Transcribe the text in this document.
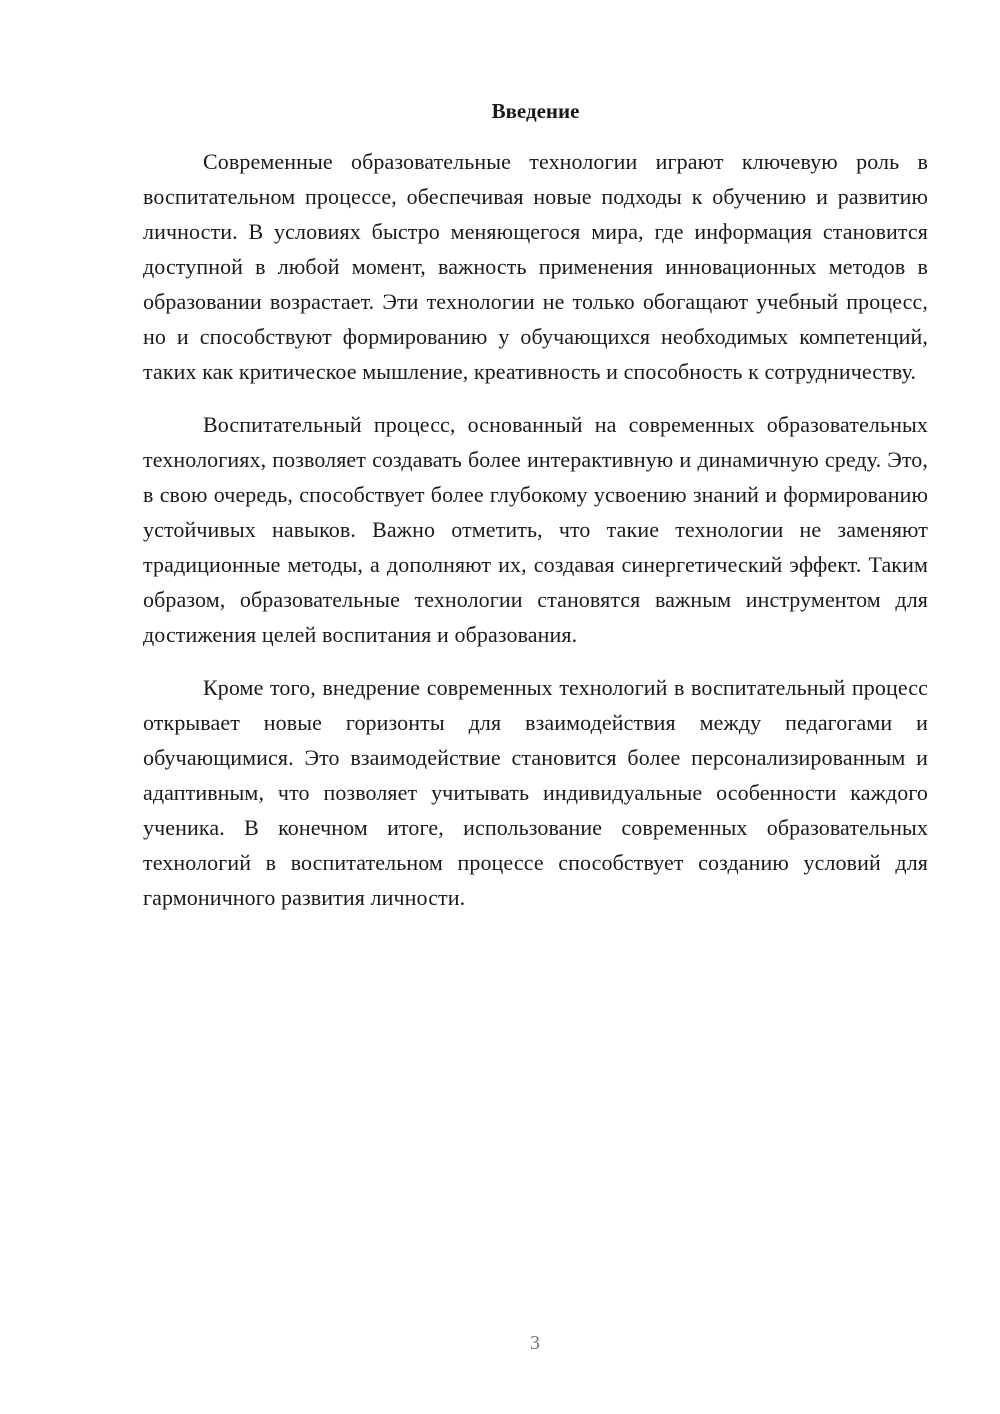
Введение

Современные образовательные технологии играют ключевую роль в воспитательном процессе, обеспечивая новые подходы к обучению и развитию личности. В условиях быстро меняющегося мира, где информация становится доступной в любой момент, важность применения инновационных методов в образовании возрастает. Эти технологии не только обогащают учебный процесс, но и способствуют формированию у обучающихся необходимых компетенций, таких как критическое мышление, креативность и способность к сотрудничеству.

Воспитательный процесс, основанный на современных образовательных технологиях, позволяет создавать более интерактивную и динамичную среду. Это, в свою очередь, способствует более глубокому усвоению знаний и формированию устойчивых навыков. Важно отметить, что такие технологии не заменяют традиционные методы, а дополняют их, создавая синергетический эффект. Таким образом, образовательные технологии становятся важным инструментом для достижения целей воспитания и образования.

Кроме того, внедрение современных технологий в воспитательный процесс открывает новые горизонты для взаимодействия между педагогами и обучающимися. Это взаимодействие становится более персонализированным и адаптивным, что позволяет учитывать индивидуальные особенности каждого ученика. В конечном итоге, использование современных образовательных технологий в воспитательном процессе способствует созданию условий для гармоничного развития личности.

3
